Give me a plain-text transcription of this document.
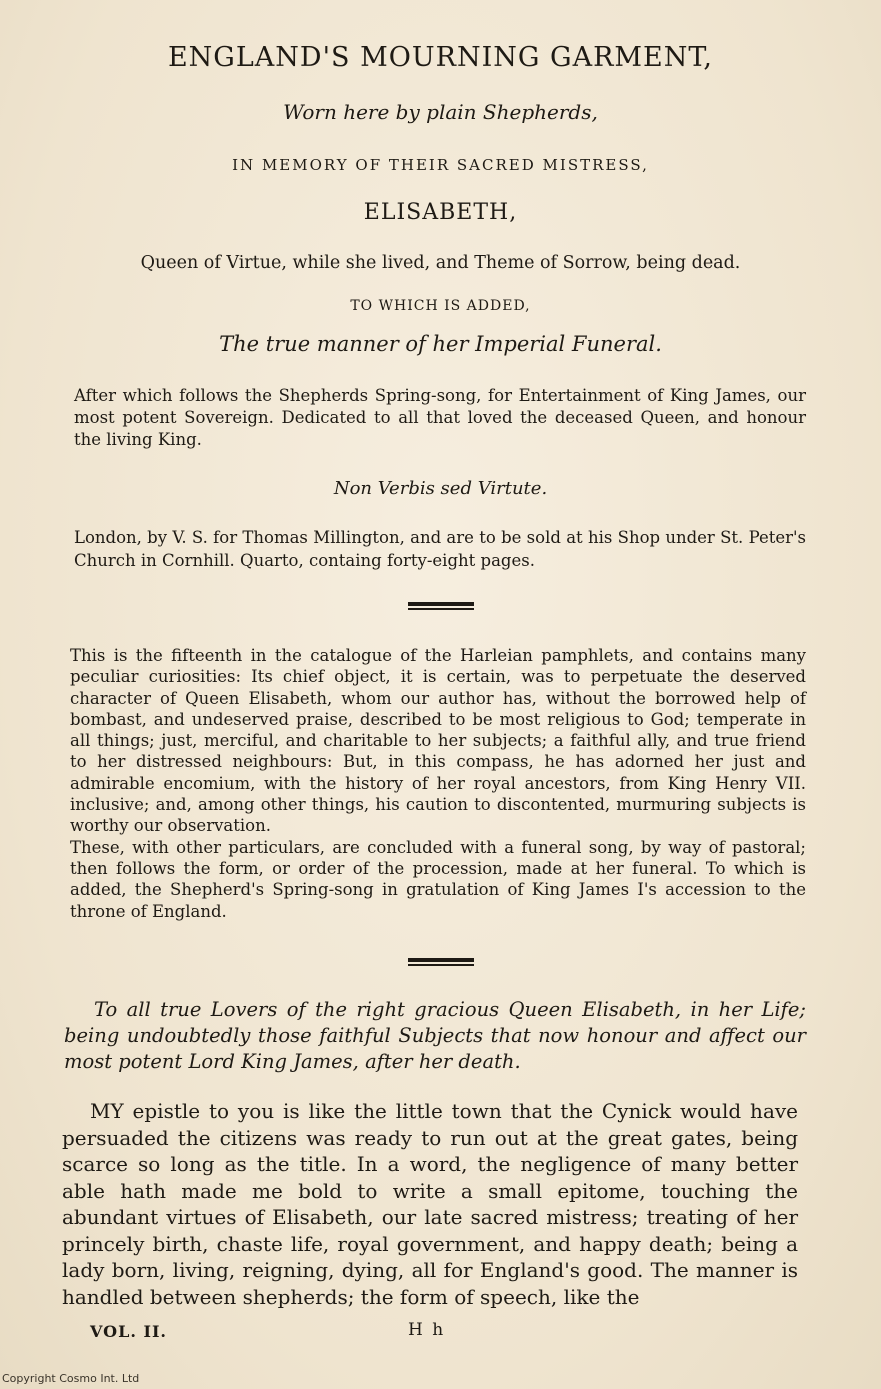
ENGLAND'S MOURNING GARMENT,
Worn here by plain Shepherds,
IN MEMORY OF THEIR SACRED MISTRESS,
ELISABETH,
Queen of Virtue, while she lived, and Theme of Sorrow, being dead.
TO WHICH IS ADDED,
The true manner of her Imperial Funeral.
After which follows the Shepherds Spring-song, for Entertainment of King James, our most potent Sovereign. Dedicated to all that loved the deceased Queen, and honour the living King.
Non Verbis sed Virtute.
London, by V. S. for Thomas Millington, and are to be sold at his Shop under St. Peter's Church in Cornhill. Quarto, containg forty-eight pages.

This is the fifteenth in the catalogue of the Harleian pamphlets, and contains many peculiar curiosities: Its chief object, it is certain, was to perpetuate the deserved character of Queen Elisabeth, whom our author has, without the borrowed help of bombast, and undeserved praise, described to be most religious to God; temperate in all things; just, merciful, and charitable to her subjects; a faithful ally, and true friend to her distressed neighbours: But, in this compass, he has adorned her just and admirable encomium, with the history of her royal ancestors, from King Henry VII. inclusive; and, among other things, his caution to discontented, murmuring subjects is worthy our observation.

These, with other particulars, are concluded with a funeral song, by way of pastoral; then follows the form, or order of the procession, made at her funeral. To which is added, the Shepherd's Spring-song in gratulation of King James I's accession to the throne of England.

To all true Lovers of the right gracious Queen Elisabeth, in her Life; being undoubtedly those faithful Subjects that now honour and affect our most potent Lord King James, after her death.
MY epistle to you is like the little town that the Cynick would have persuaded the citizens was ready to run out at the great gates, being scarce so long as the title. In a word, the negligence of many better able hath made me bold to write a small epitome, touching the abundant virtues of Elisabeth, our late sacred mistress; treating of her princely birth, chaste life, royal government, and happy death; being a lady born, living, reigning, dying, all for England's good. The manner is handled between shepherds; the form of speech, like the
VOL. II.	H h
Copyright Cosmo Int. Ltd
